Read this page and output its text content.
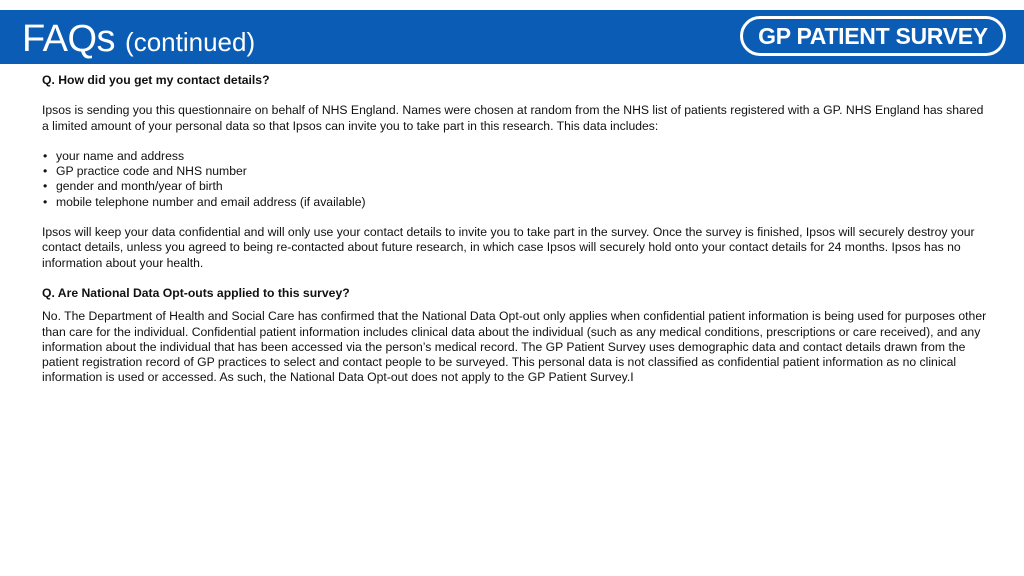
FAQs (continued)	GP PATIENT SURVEY

Q. How did you get my contact details?

Ipsos is sending you this questionnaire on behalf of NHS England. Names were chosen at random from the NHS list of patients registered with a GP. NHS England has shared a limited amount of your personal data so that Ipsos can invite you to take part in this research. This data includes:

• your name and address
• GP practice code and NHS number
• gender and month/year of birth
• mobile telephone number and email address (if available)

Ipsos will keep your data confidential and will only use your contact details to invite you to take part in the survey. Once the survey is finished, Ipsos will securely destroy your contact details, unless you agreed to being re-contacted about future research, in which case Ipsos will securely hold onto your contact details for 24 months. Ipsos has no information about your health.

Q. Are National Data Opt-outs applied to this survey?

No. The Department of Health and Social Care has confirmed that the National Data Opt-out only applies when confidential patient information is being used for purposes other than care for the individual. Confidential patient information includes clinical data about the individual (such as any medical conditions, prescriptions or care received), and any information about the individual that has been accessed via the person’s medical record. The GP Patient Survey uses demographic data and contact details drawn from the patient registration record of GP practices to select and contact people to be surveyed. This personal data is not classified as confidential patient information as no clinical information is used or accessed. As such, the National Data Opt-out does not apply to the GP Patient Survey.I
